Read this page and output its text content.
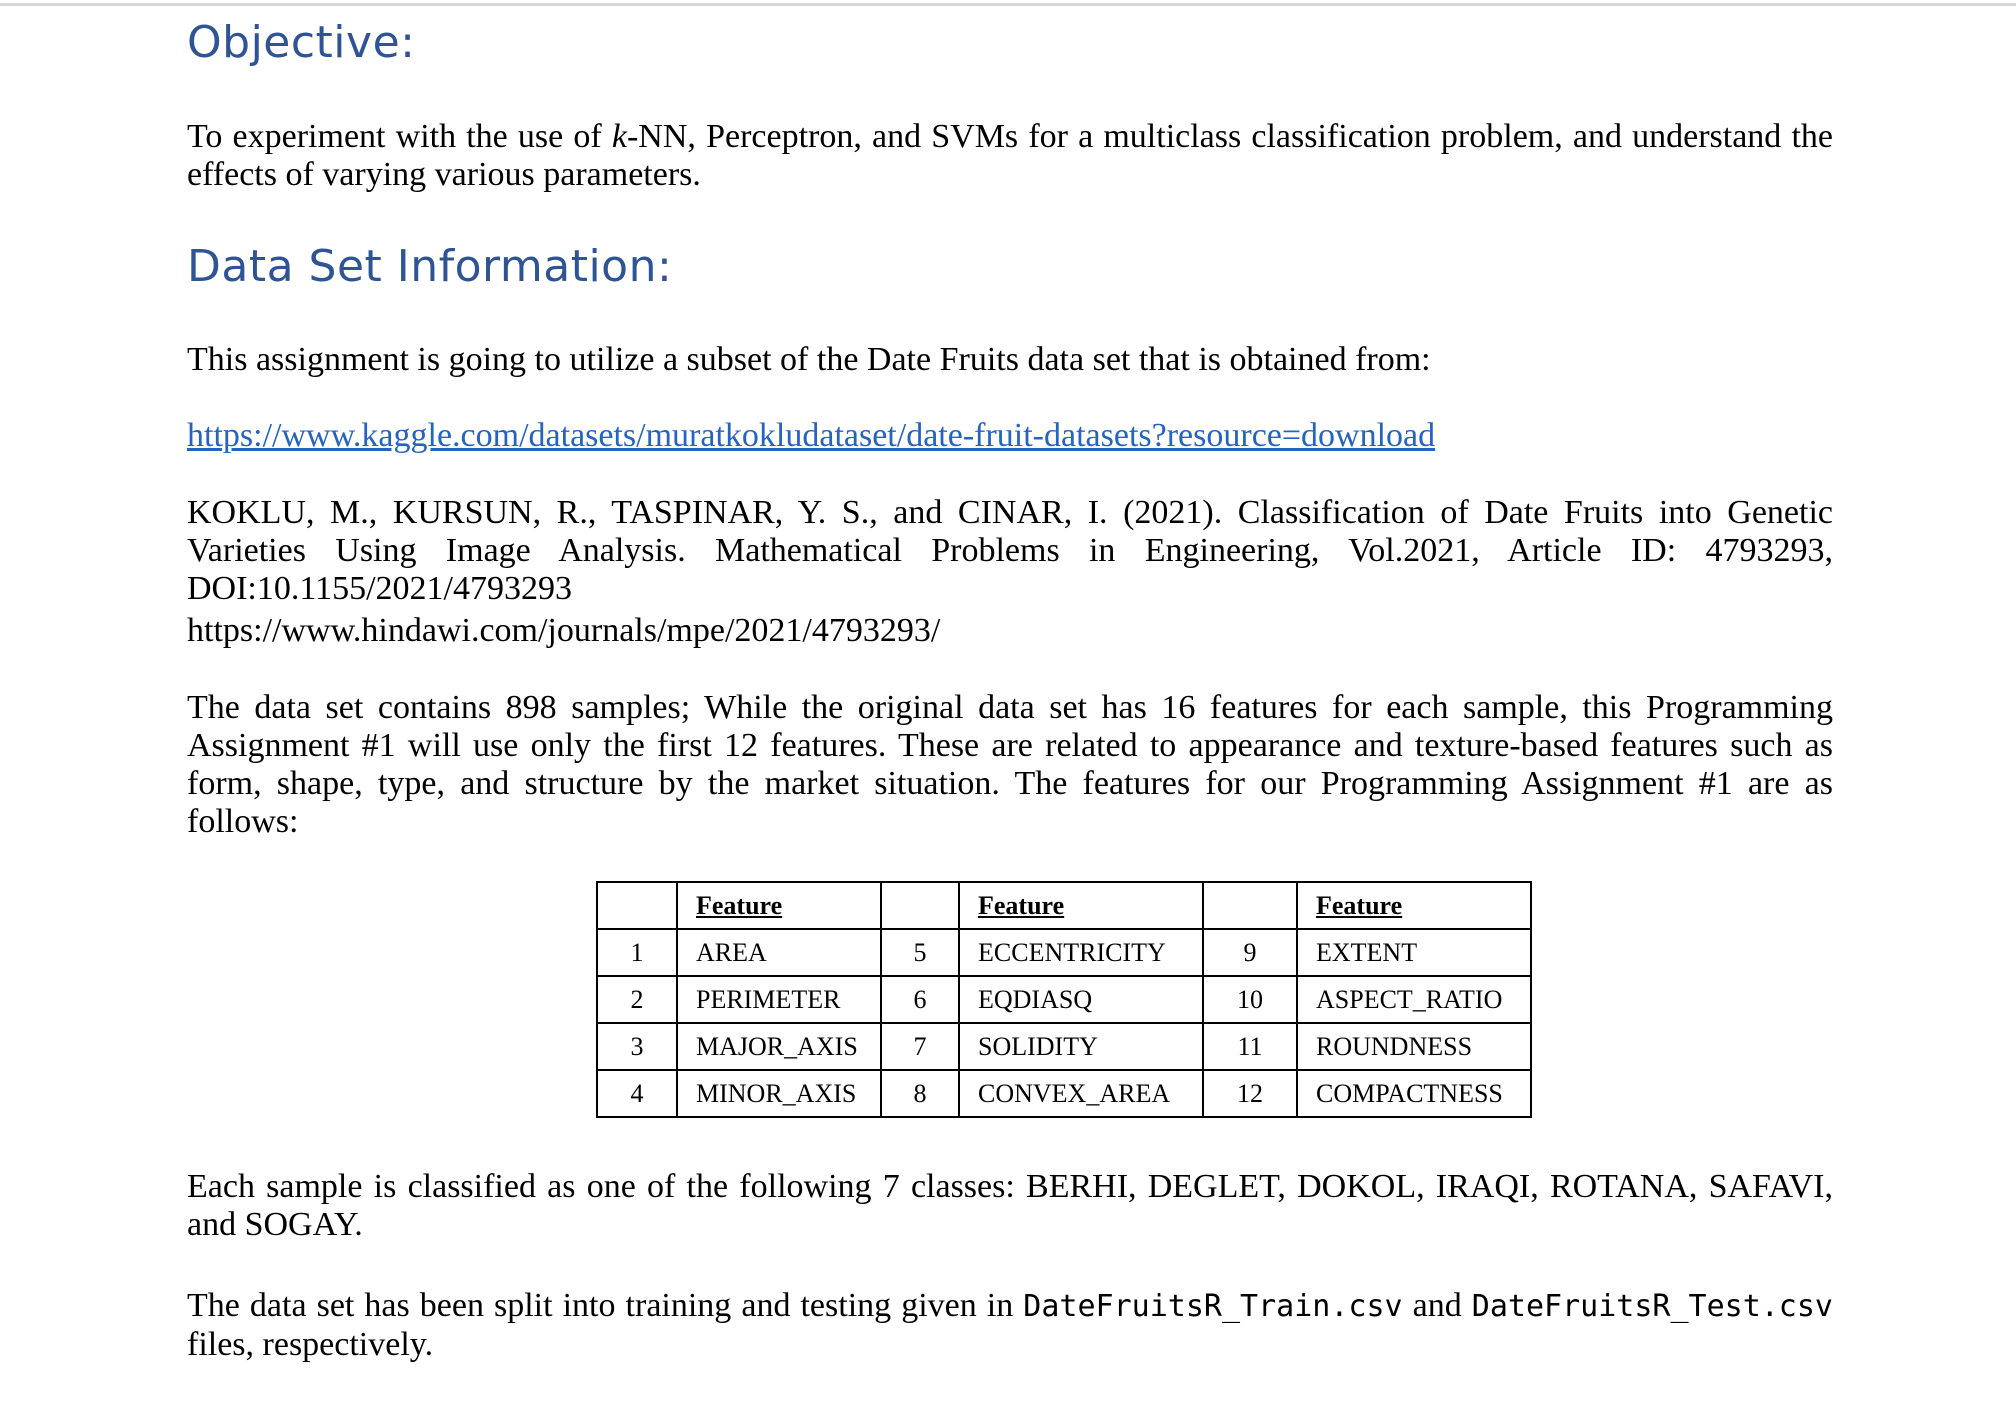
Objective:

To experiment with the use of k-NN, Perceptron, and SVMs for a multiclass classification problem, and understand the effects of varying various parameters.

Data Set Information:

This assignment is going to utilize a subset of the Date Fruits data set that is obtained from:

https://www.kaggle.com/datasets/muratkokludataset/date-fruit-datasets?resource=download

KOKLU, M., KURSUN, R., TASPINAR, Y. S., and CINAR, I. (2021). Classification of Date Fruits into Genetic Varieties Using Image Analysis. Mathematical Problems in Engineering, Vol.2021, Article ID: 4793293, DOI:10.1155/2021/4793293

https://www.hindawi.com/journals/mpe/2021/4793293/

The data set contains 898 samples; While the original data set has 16 features for each sample, this Programming Assignment #1 will use only the first 12 features. These are related to appearance and texture-based features such as form, shape, type, and structure by the market situation. The features for our Programming Assignment #1 are as follows:

	Feature		Feature		Feature
1	AREA	5	ECCENTRICITY	9	EXTENT
2	PERIMETER	6	EQDIASQ	10	ASPECT_RATIO
3	MAJOR_AXIS	7	SOLIDITY	11	ROUNDNESS
4	MINOR_AXIS	8	CONVEX_AREA	12	COMPACTNESS

Each sample is classified as one of the following 7 classes: BERHI, DEGLET, DOKOL, IRAQI, ROTANA, SAFAVI, and SOGAY.

The data set has been split into training and testing given in DateFruitsR_Train.csv and DateFruitsR_Test.csv files, respectively.
